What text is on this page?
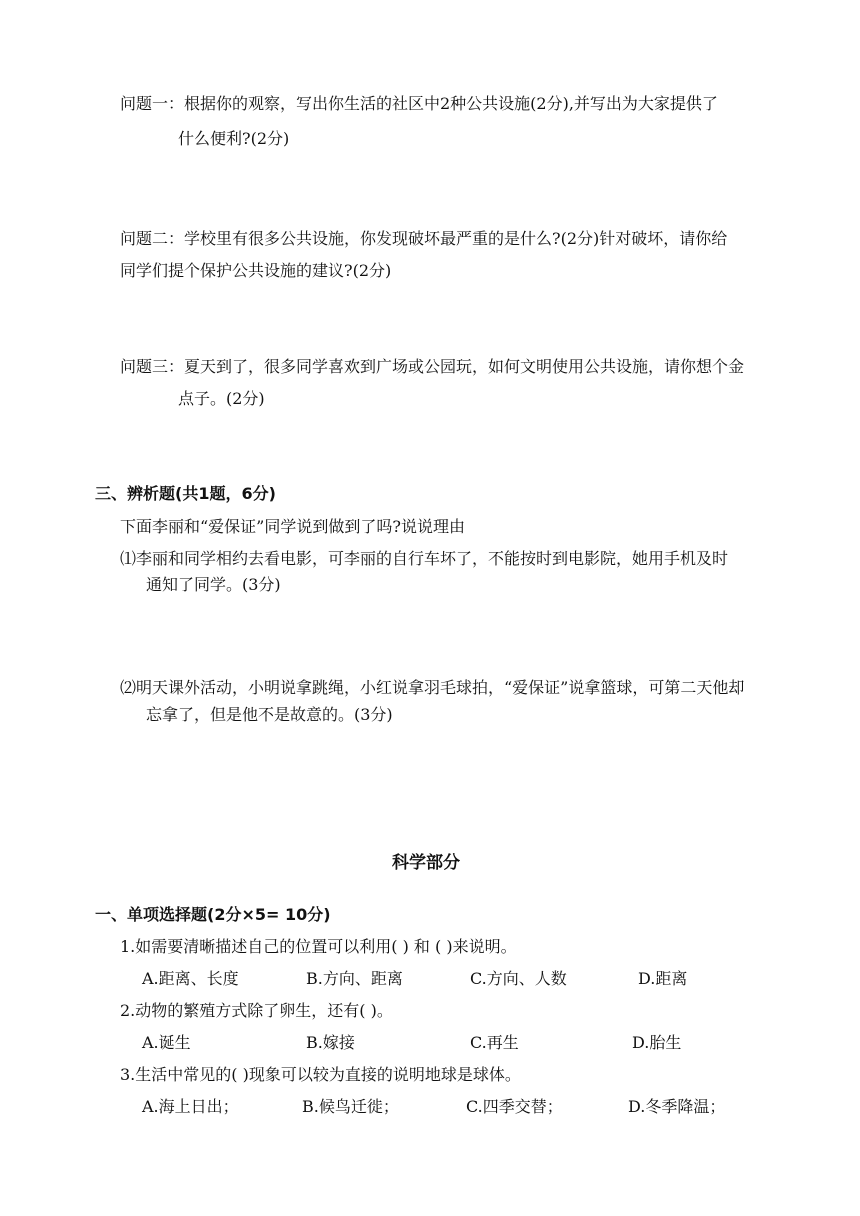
问题一：根据你的观察，写出你生活的社区中2种公共设施(2分),并写出为大家提供了
什么便利?(2分)
问题二：学校里有很多公共设施，你发现破坏最严重的是什么?(2分)针对破坏，请你给
同学们提个保护公共设施的建议?(2分)
问题三：夏天到了，很多同学喜欢到广场或公园玩，如何文明使用公共设施，请你想个金
点子。(2分)
三、辨析题(共1题，6分)
下面李丽和“爱保证”同学说到做到了吗?说说理由
⑴李丽和同学相约去看电影，可李丽的自行车坏了，不能按时到电影院，她用手机及时
通知了同学。(3分)
⑵明天课外活动，小明说拿跳绳，小红说拿羽毛球拍，“爱保证”说拿篮球，可第二天他却
忘拿了，但是他不是故意的。(3分)
科学部分
一、单项选择题(2分×5= 10分)
1.如需要清晰描述自己的位置可以利用( ) 和 ( )来说明。
A.距离、长度	B.方向、距离	C.方向、人数	D.距离
2.动物的繁殖方式除了卵生，还有( )。
A.诞生	B.嫁接	C.再生	D.胎生
3.生活中常见的( )现象可以较为直接的说明地球是球体。
A.海上日出；	B.候鸟迁徙；	C.四季交替；	D.冬季降温；
